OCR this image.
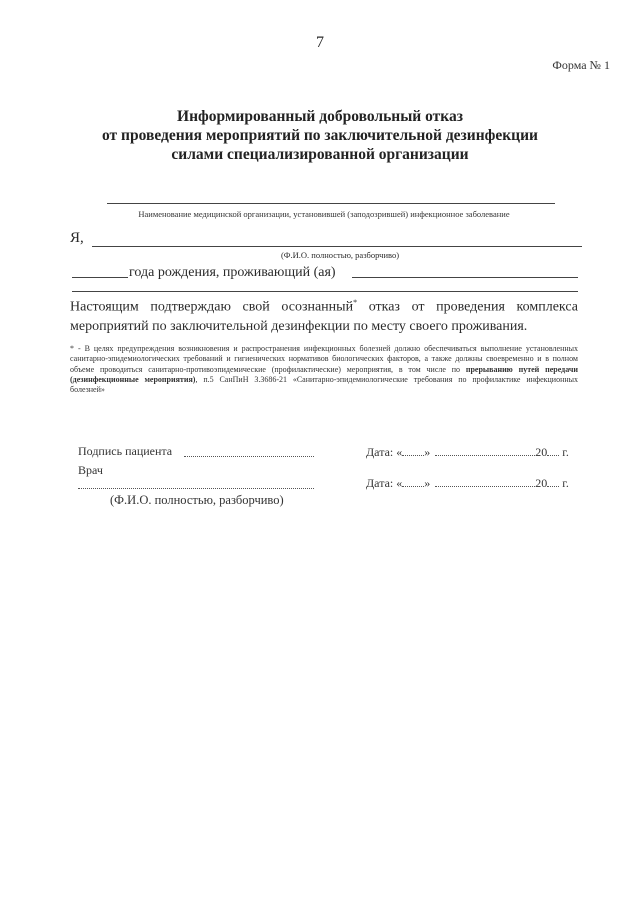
7
Форма № 1
Информированный добровольный отказ
от проведения мероприятий по заключительной дезинфекции
силами специализированной организации
Наименование медицинской организации, установившей (заподозрившей) инфекционное заболевание
Я,
(Ф.И.О. полностью, разборчиво)
года рождения, проживающий (ая)
Настоящим подтверждаю свой осознанный* отказ от проведения комплекса мероприятий по заключительной дезинфекции по месту своего проживания.
* - В целях предупреждения возникновения и распространения инфекционных болезней должно обеспечиваться выполнение установленных санитарно-эпидемиологических требований и гигиенических нормативов биологических факторов, а также должны своевременно и в полном объеме проводиться санитарно-противоэпидемические (профилактические) мероприятия, в том числе по прерыванию путей передачи (дезинфекционные мероприятия), п.5 СанПиН 3.3686-21 «Санитарно-эпидемиологические требования по профилактике инфекционных болезней»
Подпись пациента
Врач
(Ф.И.О. полностью, разборчиво)
Дата: « »	20 г.
Дата: « »	20 г.
